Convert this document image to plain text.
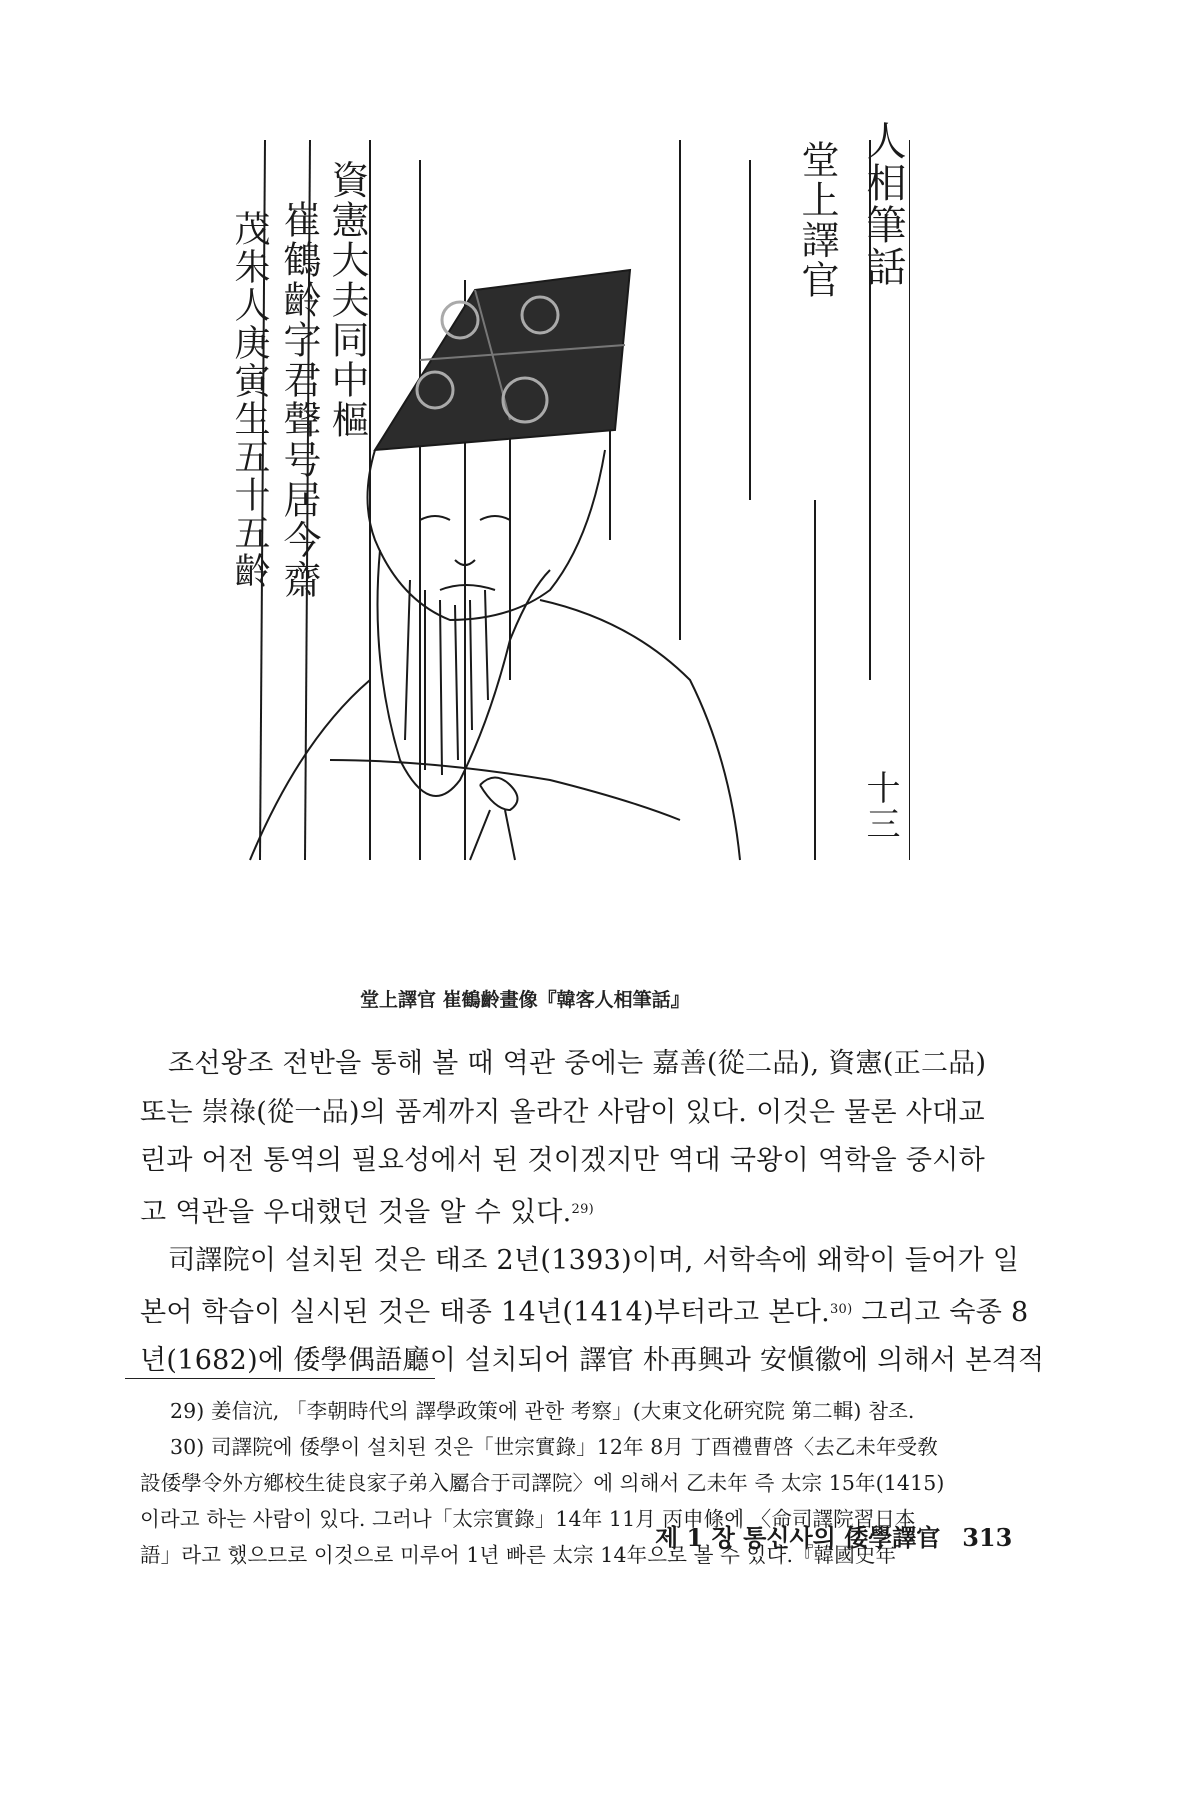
資憲大夫同中樞
崔鶴齡字君聲号居今齋
茂朱人庚寅生五十五齡	堂上譯官 人相筆話
十三
堂上譯官 崔鶴齡畫像『韓客人相筆話』
조선왕조 전반을 통해 볼 때 역관 중에는 嘉善(從二品), 資憲(正二品)
또는 崇祿(從一品)의 품계까지 올라간 사람이 있다. 이것은 물론 사대교
린과 어전 통역의 필요성에서 된 것이겠지만 역대 국왕이 역학을 중시하
고 역관을 우대했던 것을 알 수 있다.$^{29)}$
司譯院이 설치된 것은 태조 2년(1393)이며, 서학속에 왜학이 들어가 일
본어 학습이 실시된 것은 태종 14년(1414)부터라고 본다.$^{30)}$ 그리고 숙종 8
년(1682)에 倭學偶語廳이 설치되어 譯官 朴再興과 安愼徽에 의해서 본격적
29) 姜信沆, 「李朝時代의 譯學政策에 관한 考察」(大東文化硏究院 第二輯) 참조.
30) 司譯院에 倭學이 설치된 것은「世宗實錄」12年 8月 丁酉禮曹啓〈去乙未年受敎
設倭學令外方鄕校生徒良家子弟入屬合于司譯院〉에 의해서 乙未年 즉 太宗 15年(1415)
이라고 하는 사람이 있다. 그러나「太宗實錄」14年 11月 丙申條에 〈命司譯院習日本
語」라고 했으므로 이것으로 미루어 1년 빠른 太宗 14年으로 볼 수 있다.『韓國史年
제 1 장 통신사의 倭學譯官 313
